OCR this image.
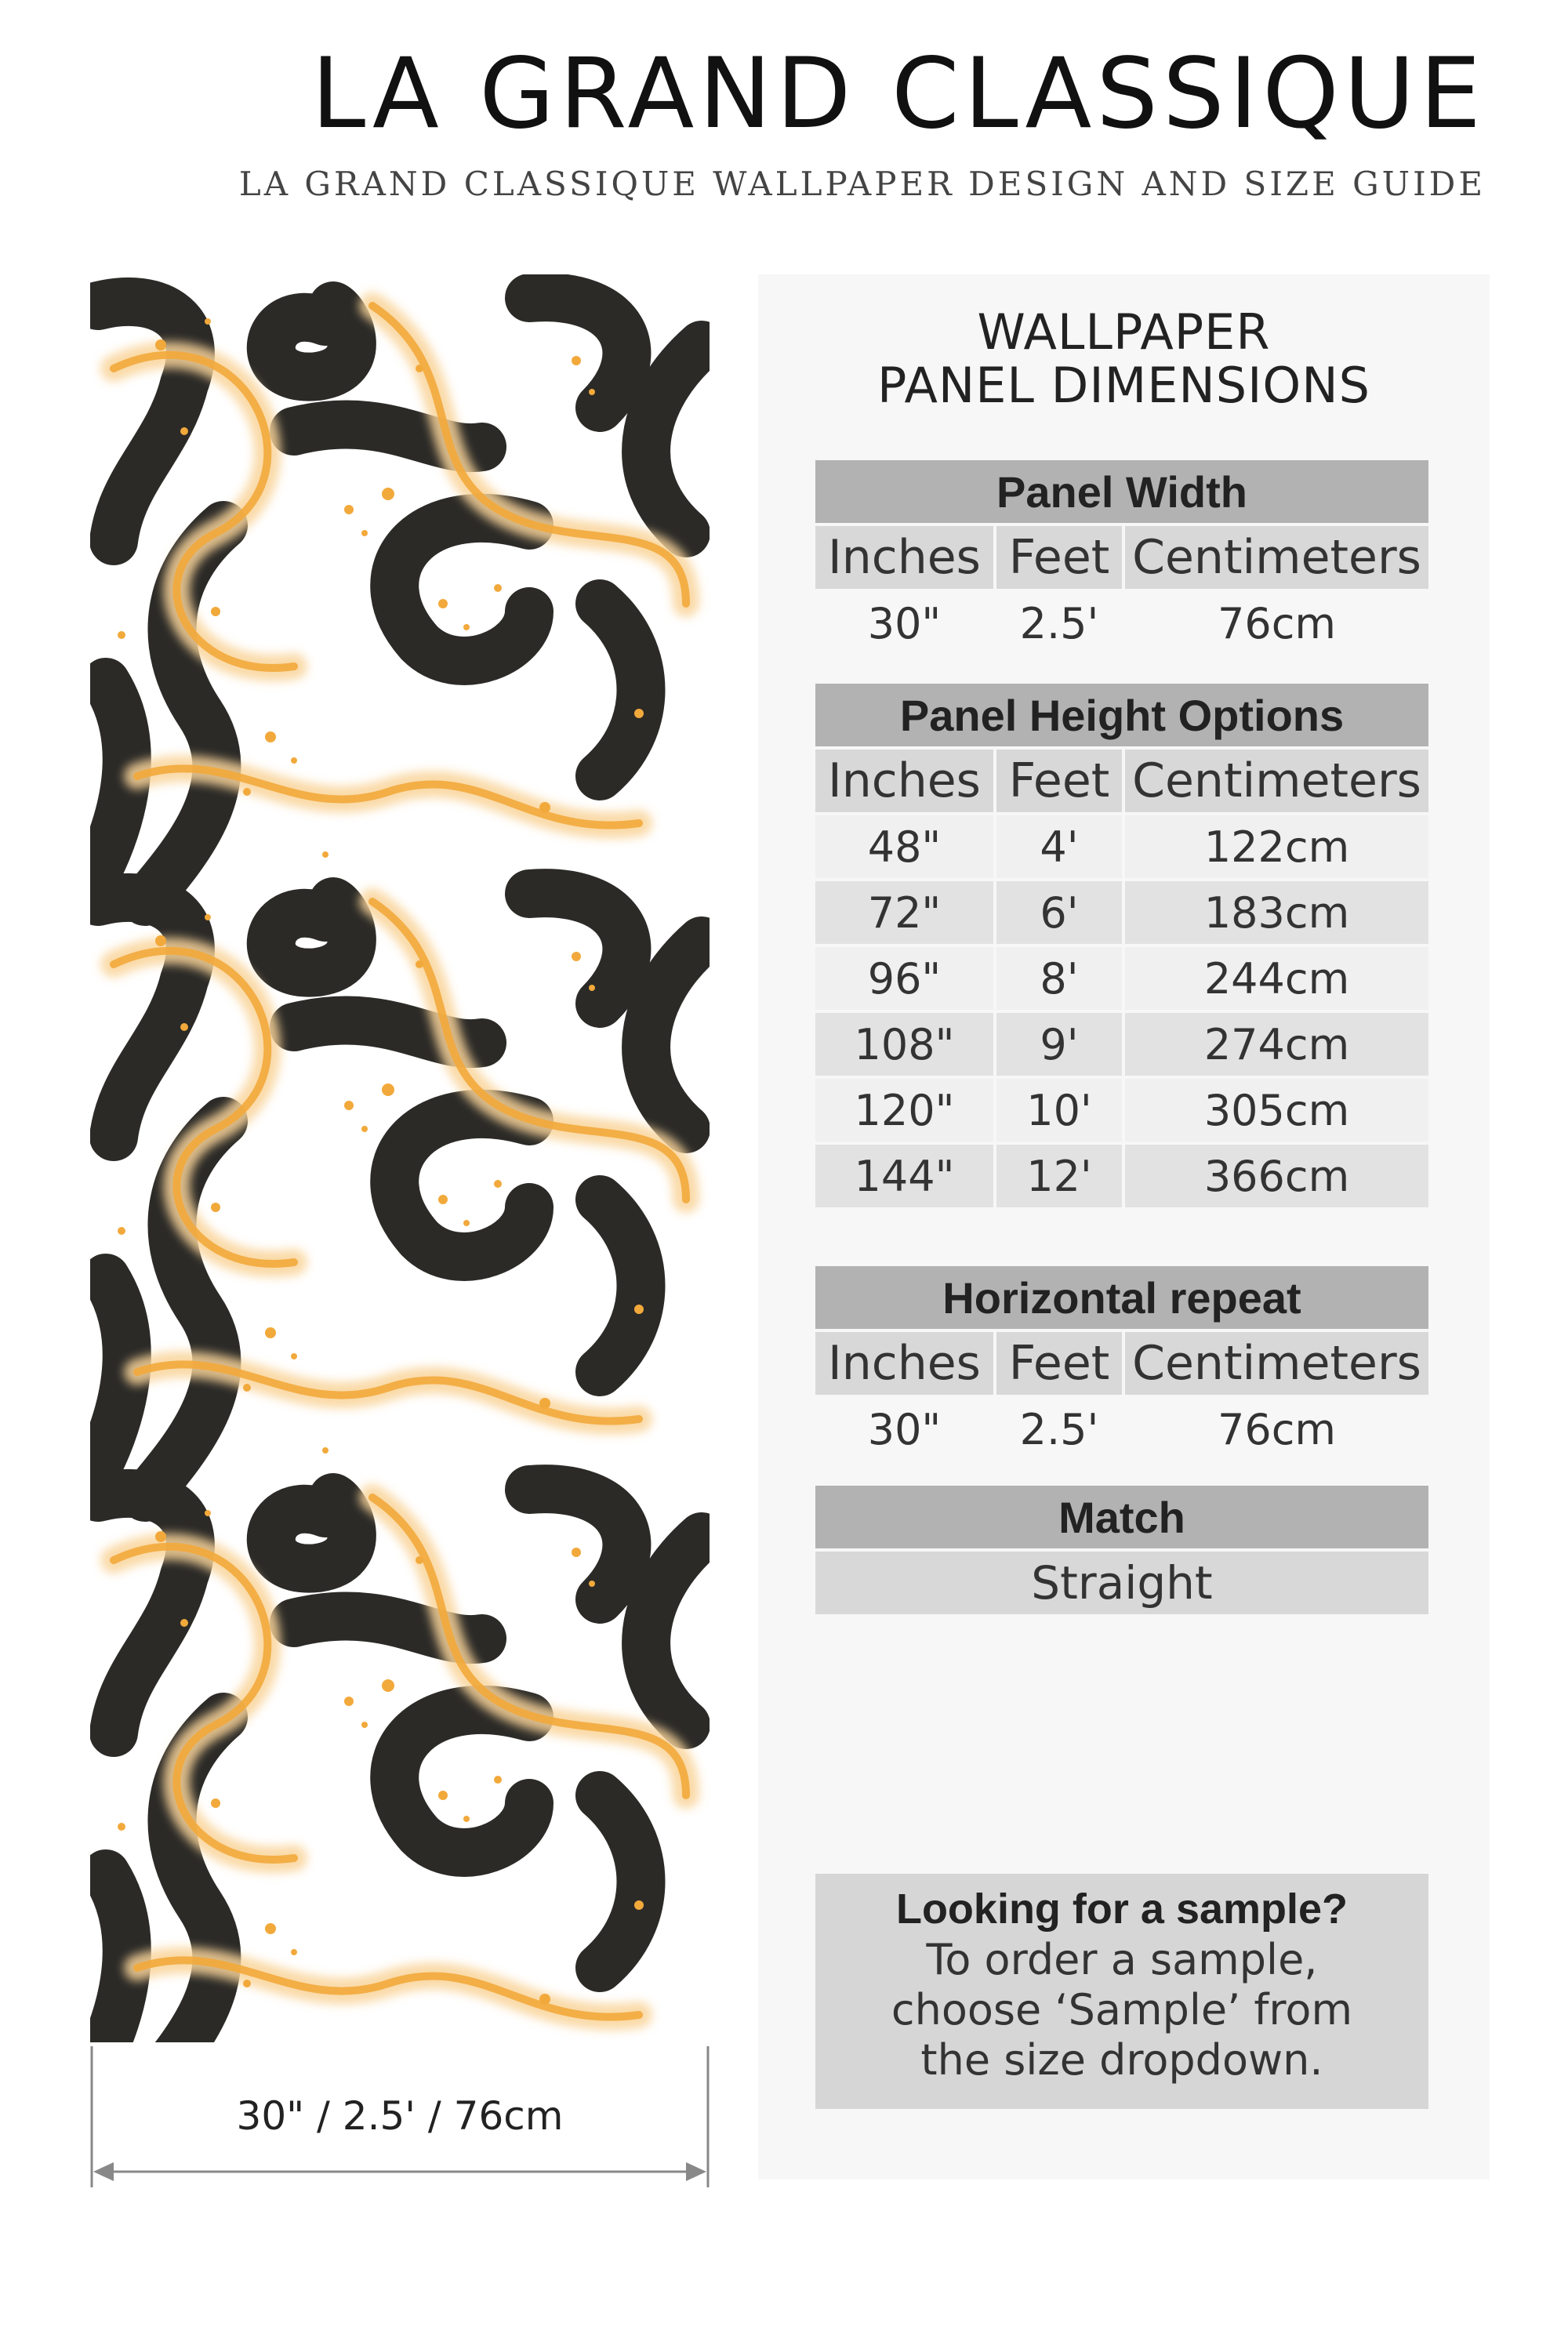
LA GRAND CLASSIQUE
LA GRAND CLASSIQUE WALLPAPER DESIGN AND SIZE GUIDE
30" / 2.5' / 76cm
WALLPAPER
PANEL DIMENSIONS
Panel Width
Inches Feet Centimeters
30"	2.5'	76cm
Panel Height Options
Inches Feet Centimeters
48"	4'	122cm
72"	6'	183cm
96"	8'	244cm
108"	9'	274cm
120"	10'	305cm
144"	12'	366cm
Horizontal repeat
Inches Feet Centimeters
30"	2.5'	76cm
Match
Straight
Looking for a sample?
To order a sample,
choose ‘Sample’ from
the size dropdown.
